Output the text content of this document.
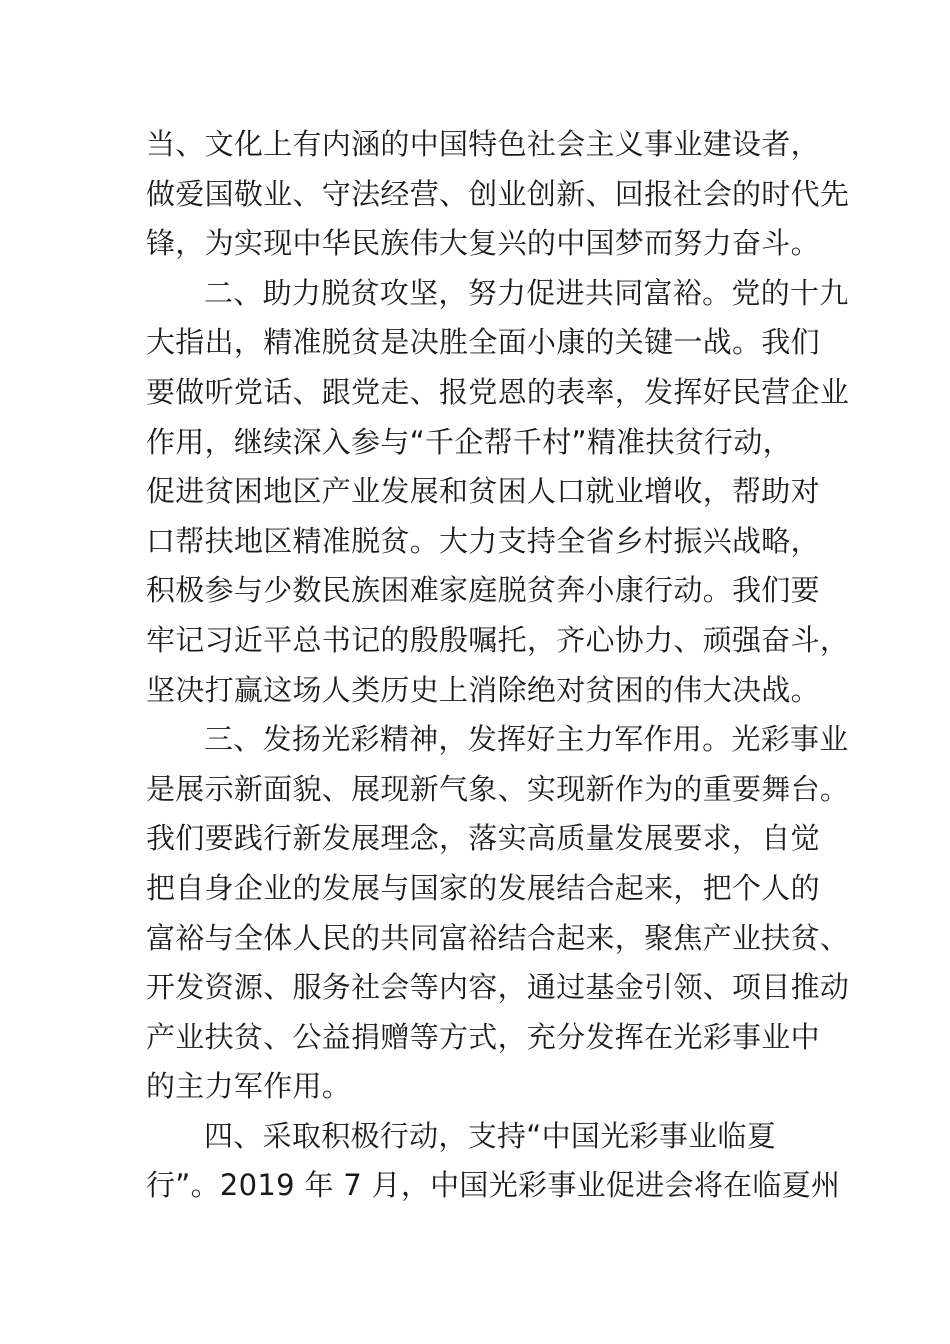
当、文化上有内涵的中国特色社会主义事业建设者，
做爱国敬业、守法经营、创业创新、回报社会的时代先
锋，为实现中华民族伟大复兴的中国梦而努力奋斗。
二、助力脱贫攻坚，努力促进共同富裕。党的十九
大指出，精准脱贫是决胜全面小康的关键一战。我们
要做听党话、跟党走、报党恩的表率，发挥好民营企业
作用，继续深入参与“千企帮千村”精准扶贫行动，
促进贫困地区产业发展和贫困人口就业增收，帮助对
口帮扶地区精准脱贫。大力支持全省乡村振兴战略，
积极参与少数民族困难家庭脱贫奔小康行动。我们要
牢记习近平总书记的殷殷嘱托，齐心协力、顽强奋斗，
坚决打赢这场人类历史上消除绝对贫困的伟大决战。
三、发扬光彩精神，发挥好主力军作用。光彩事业
是展示新面貌、展现新气象、实现新作为的重要舞台。
我们要践行新发展理念，落实高质量发展要求，自觉
把自身企业的发展与国家的发展结合起来，把个人的
富裕与全体人民的共同富裕结合起来，聚焦产业扶贫、
开发资源、服务社会等内容，通过基金引领、项目推动
产业扶贫、公益捐赠等方式，充分发挥在光彩事业中
的主力军作用。
四、采取积极行动，支持“中国光彩事业临夏
行”。2019 年 7 月，中国光彩事业促进会将在临夏州
